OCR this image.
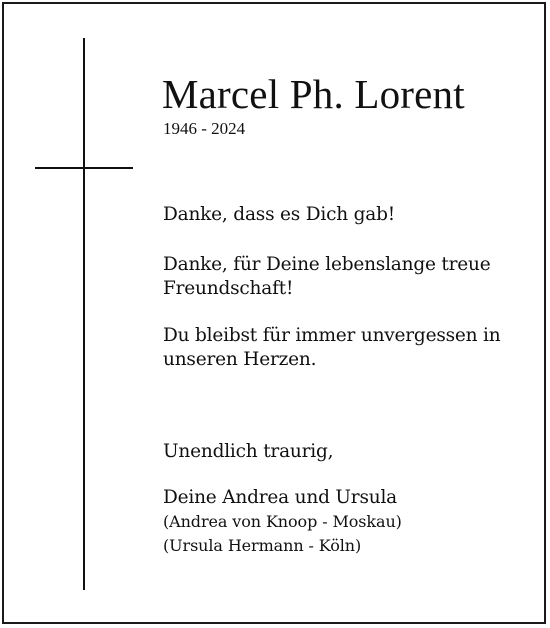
Marcel Ph. Lorent
1946 - 2024
Danke, dass es Dich gab!
Danke, für Deine lebenslange treue
Freundschaft!
Du bleibst für immer unvergessen in
unseren Herzen.
Unendlich traurig,
Deine Andrea und Ursula
(Andrea von Knoop - Moskau)
(Ursula Hermann - Köln)
